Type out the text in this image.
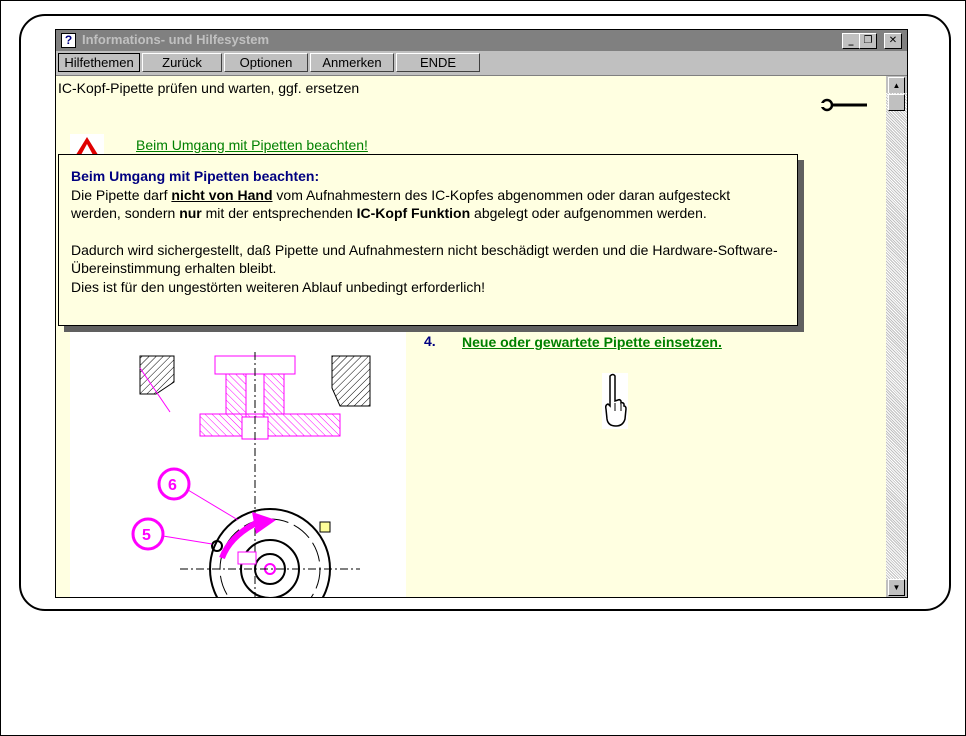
? Informations- und Hilfesystem	_	❐	✕
Hilfethemen	Zurück	Optionen	Anmerken	ENDE
IC-Kopf-Pipette prüfen und warten, ggf. ersetzen
Beim Umgang mit Pipetten beachten!
6
5
4. Neue oder gewartete Pipette einsetzen.
▲
▼

Beim Umgang mit Pipetten beachten:

Die Pipette darf nicht von Hand vom Aufnahmestern des IC-Kopfes abgenommen oder daran aufgesteckt werden, sondern nur mit der entsprechenden IC-Kopf Funktion abgelegt oder aufgenommen werden.

Dadurch wird sichergestellt, daß Pipette und Aufnahmestern nicht beschädigt werden und die Hardware-Software-Übereinstimmung erhalten bleibt.

Dies ist für den ungestörten weiteren Ablauf unbedingt erforderlich!
